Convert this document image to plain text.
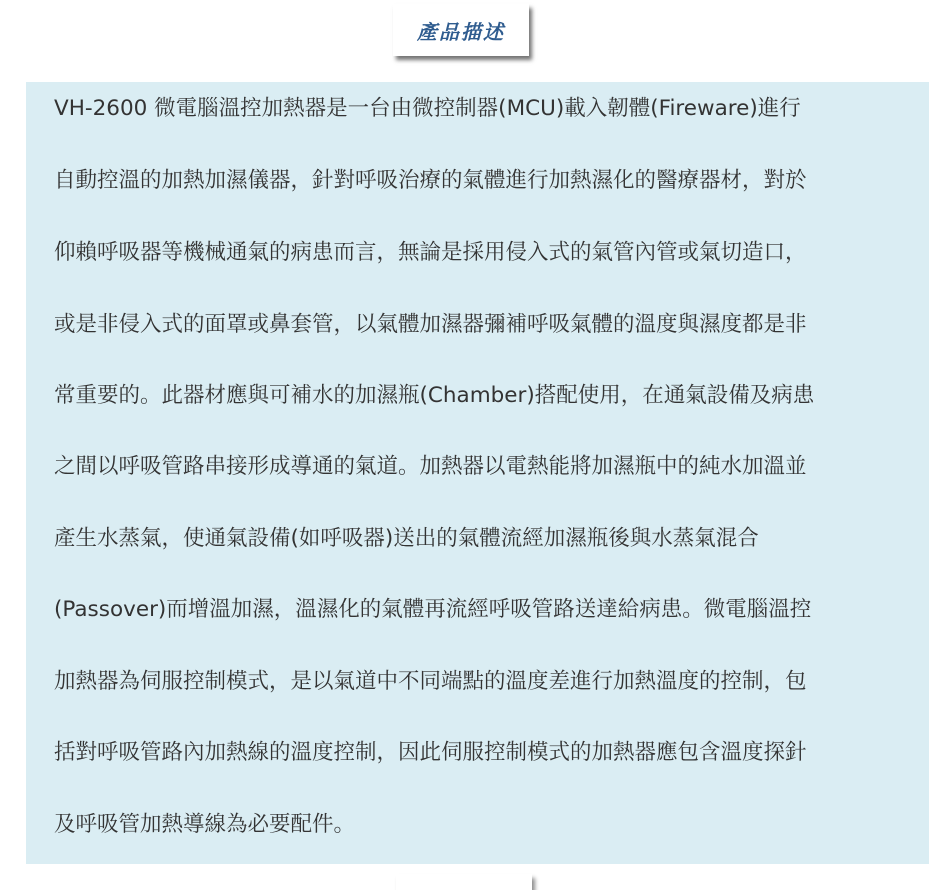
產品描述
VH-2600 微電腦溫控加熱器是一台由微控制器(MCU)載入韌體(Fireware)進行
自動控溫的加熱加濕儀器，針對呼吸治療的氣體進行加熱濕化的醫療器材，對於
仰賴呼吸器等機械通氣的病患而言，無論是採用侵入式的氣管內管或氣切造口，
或是非侵入式的面罩或鼻套管，以氣體加濕器彌補呼吸氣體的溫度與濕度都是非
常重要的。此器材應與可補水的加濕瓶(Chamber)搭配使用，在通氣設備及病患
之間以呼吸管路串接形成導通的氣道。加熱器以電熱能將加濕瓶中的純水加溫並
產生水蒸氣，使通氣設備(如呼吸器)送出的氣體流經加濕瓶後與水蒸氣混合
(Passover)而增溫加濕，溫濕化的氣體再流經呼吸管路送達給病患。微電腦溫控
加熱器為伺服控制模式，是以氣道中不同端點的溫度差進行加熱溫度的控制，包
括對呼吸管路內加熱線的溫度控制，因此伺服控制模式的加熱器應包含溫度探針
及呼吸管加熱導線為必要配件。
